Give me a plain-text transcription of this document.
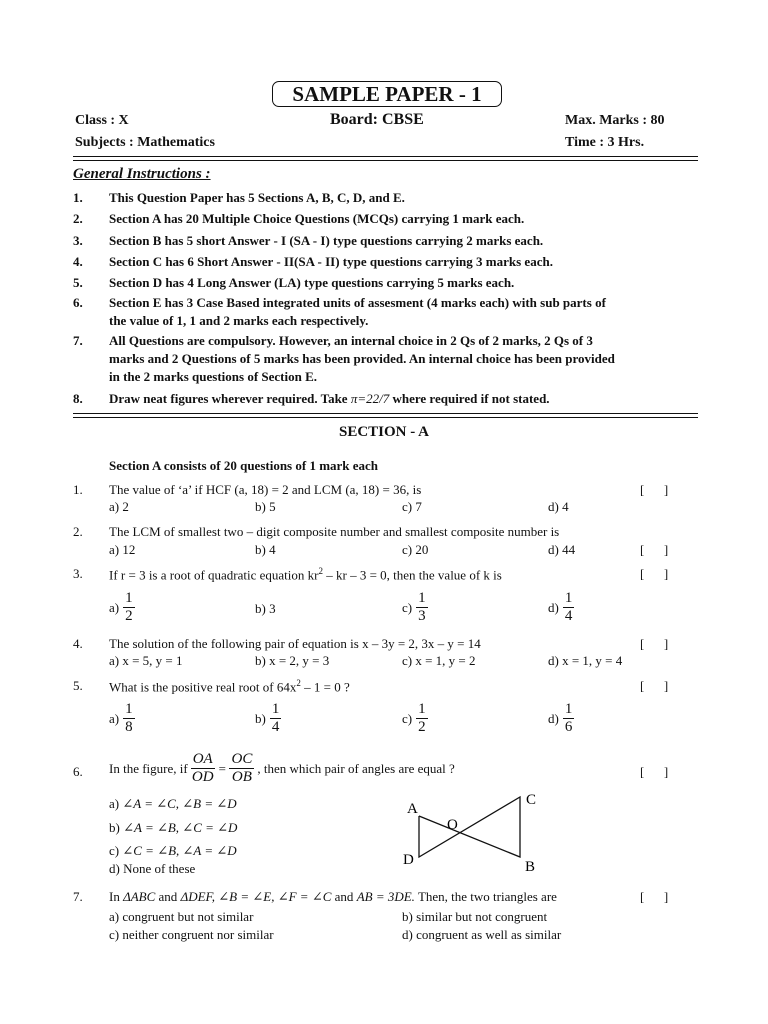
SAMPLE PAPER - 1
Class : X	Board: CBSE	Max. Marks : 80
Subjects : Mathematics	Time : 3 Hrs.
General Instructions :
1. This Question Paper has 5 Sections A, B, C, D, and E.
2. Section A has 20 Multiple Choice Questions (MCQs) carrying 1 mark each.
3. Section B has 5 short Answer - I (SA - I) type questions carrying 2 marks each.
4. Section C has 6 Short Answer - II(SA - II) type questions carrying 3 marks each.
5. Section D has 4 Long Answer (LA) type questions carrying 5 marks each.
6. Section E has 3 Case Based integrated units of assesment (4 marks each) with sub parts of
the value of 1, 1 and 2 marks each respectively.
7. All Questions are compulsory. However, an internal choice in 2 Qs of 2 marks, 2 Qs of 3
marks and 2 Questions of 5 marks has been provided. An internal choice has been provided
in the 2 marks questions of Section E.
8. Draw neat figures wherever required. Take π=22/7 where required if not stated.
SECTION - A
Section A consists of 20 questions of 1 mark each
1. The value of ‘a’ if HCF (a, 18) = 2 and LCM (a, 18) = 36, is	[      ]
a) 2	b) 5	c) 7	d) 4
2. The LCM of smallest two – digit composite number and smallest composite number is
a) 12	b) 4	c) 20	d) 44	[      ]
3. If r = 3 is a root of quadratic equation $kr^2$ – kr – 3 = 0, then the value of k is	[      ]
$a) \frac{1}{2}$	b) 3	$c) \frac{1}{3}$	$d) \frac{1}{4}$
4. The solution of the following pair of equation is x – 3y = 2, 3x – y = 14	[      ]
a) x = 5, y = 1	b) x = 2, y = 3	c) x = 1, y = 2	d) x = 1, y = 4
5. What is the positive real root of $64x^2 - 1 = 0$ ?	[      ]
$a) \frac{1}{8}$	$b) \frac{1}{4}$	$c) \frac{1}{2}$	$d) \frac{1}{6}$
6. In the figure, if $\frac{OA}{OD} = \frac{OC}{OB}$ , then which pair of angles are equal ?	[      ]
a) ∠A = ∠C, ∠B = ∠D
b) ∠A = ∠B, ∠C = ∠D
c) ∠C = ∠B, ∠A = ∠D
d) None of these
A
D
C
B
O
7. In ΔABC and ΔDEF, ∠B = ∠E, ∠F = ∠C and AB = 3DE. Then, the two triangles are	[      ]
a) congruent but not similar	b) similar but not congruent
c) neither congruent nor similar	d) congruent as well as similar
